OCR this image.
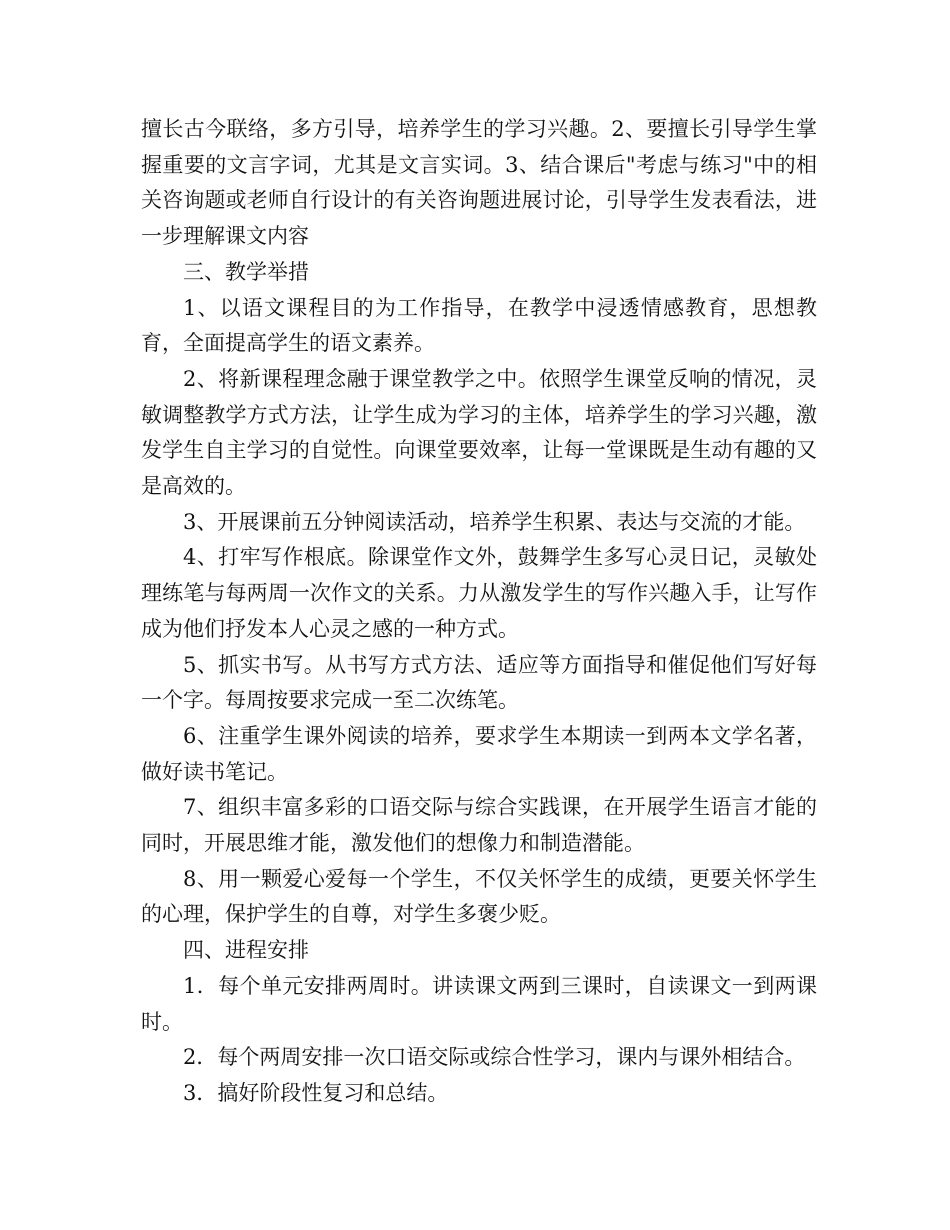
擅长古今联络，多方引导，培养学生的学习兴趣。2、要擅长引导学生掌握重要的文言字词，尤其是文言实词。3、结合课后"考虑与练习"中的相关咨询题或老师自行设计的有关咨询题进展讨论，引导学生发表看法，进一步理解课文内容

三、教学举措

1、以语文课程目的为工作指导，在教学中浸透情感教育，思想教育，全面提高学生的语文素养。

2、将新课程理念融于课堂教学之中。依照学生课堂反响的情况，灵敏调整教学方式方法，让学生成为学习的主体，培养学生的学习兴趣，激发学生自主学习的自觉性。向课堂要效率，让每一堂课既是生动有趣的又是高效的。

3、开展课前五分钟阅读活动，培养学生积累、表达与交流的才能。

4、打牢写作根底。除课堂作文外，鼓舞学生多写心灵日记，灵敏处理练笔与每两周一次作文的关系。力从激发学生的写作兴趣入手，让写作成为他们抒发本人心灵之感的一种方式。

5、抓实书写。从书写方式方法、适应等方面指导和催促他们写好每一个字。每周按要求完成一至二次练笔。

6、注重学生课外阅读的培养，要求学生本期读一到两本文学名著，做好读书笔记。

7、组织丰富多彩的口语交际与综合实践课，在开展学生语言才能的同时，开展思维才能，激发他们的想像力和制造潜能。

8、用一颗爱心爱每一个学生，不仅关怀学生的成绩，更要关怀学生的心理，保护学生的自尊，对学生多褒少贬。

四、进程安排

1．每个单元安排两周时。讲读课文两到三课时，自读课文一到两课时。

2．每个两周安排一次口语交际或综合性学习，课内与课外相结合。

3．搞好阶段性复习和总结。
